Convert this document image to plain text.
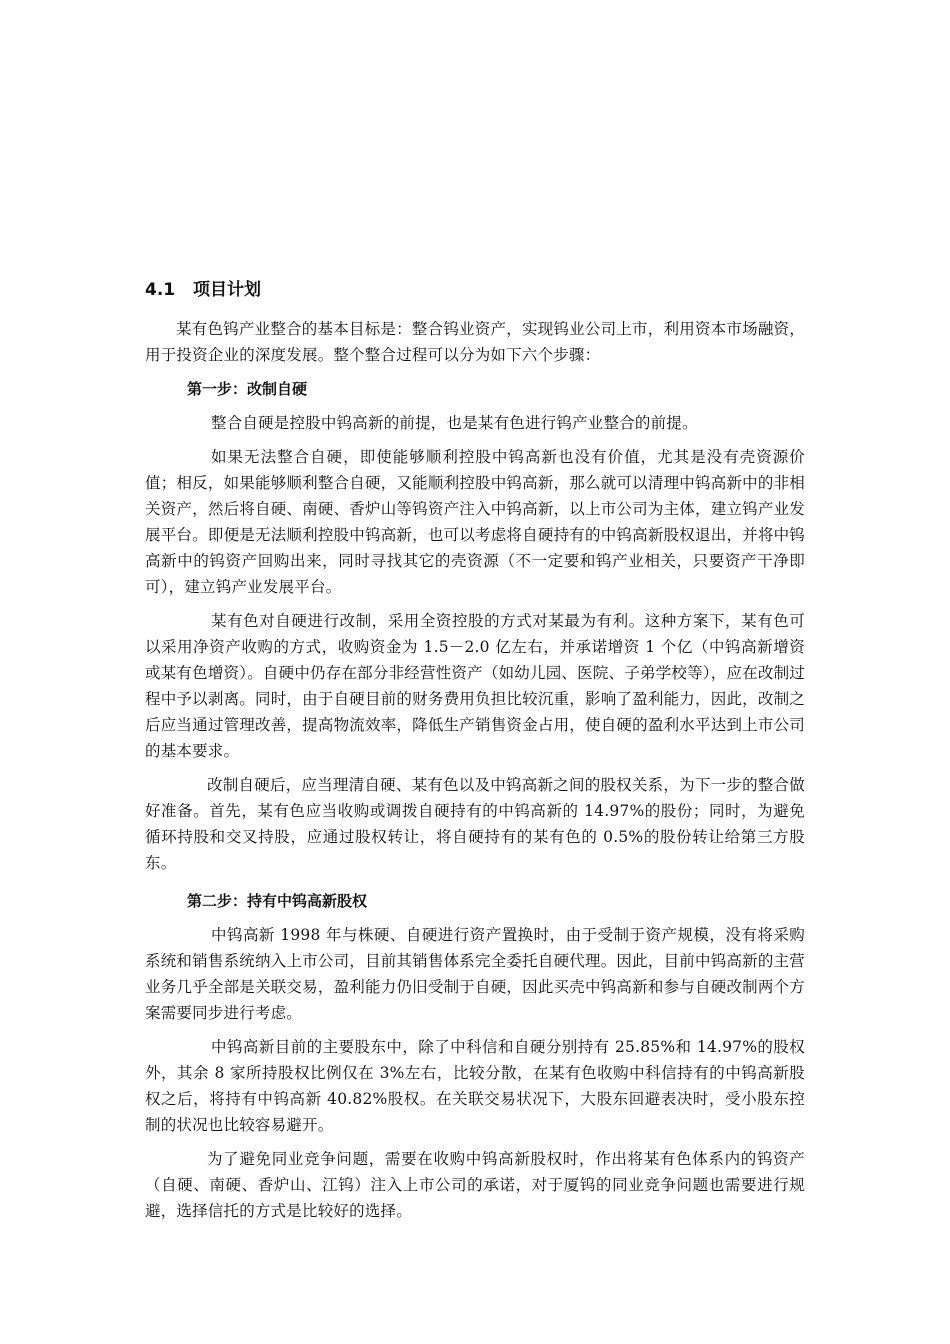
4.1 项目计划

某有色钨产业整合的基本目标是：整合钨业资产，实现钨业公司上市，利用资本市场融资，用于投资企业的深度发展。整个整合过程可以分为如下六个步骤：

第一步：改制自硬

整合自硬是控股中钨高新的前提，也是某有色进行钨产业整合的前提。

如果无法整合自硬，即使能够顺利控股中钨高新也没有价值，尤其是没有壳资源价值；相反，如果能够顺利整合自硬，又能顺利控股中钨高新，那么就可以清理中钨高新中的非相关资产，然后将自硬、南硬、香炉山等钨资产注入中钨高新，以上市公司为主体，建立钨产业发展平台。即便是无法顺利控股中钨高新，也可以考虑将自硬持有的中钨高新股权退出，并将中钨高新中的钨资产回购出来，同时寻找其它的壳资源（不一定要和钨产业相关，只要资产干净即可），建立钨产业发展平台。

某有色对自硬进行改制，采用全资控股的方式对某最为有利。这种方案下，某有色可以采用净资产收购的方式，收购资金为 1.5－2.0 亿左右，并承诺增资 1 个亿（中钨高新增资或某有色增资）。自硬中仍存在部分非经营性资产（如幼儿园、医院、子弟学校等），应在改制过程中予以剥离。同时，由于自硬目前的财务费用负担比较沉重，影响了盈利能力，因此，改制之后应当通过管理改善，提高物流效率，降低生产销售资金占用，使自硬的盈利水平达到上市公司的基本要求。

改制自硬后，应当理清自硬、某有色以及中钨高新之间的股权关系，为下一步的整合做好准备。首先，某有色应当收购或调拨自硬持有的中钨高新的 14.97%的股份；同时，为避免循环持股和交叉持股，应通过股权转让，将自硬持有的某有色的 0.5%的股份转让给第三方股东。

第二步：持有中钨高新股权

中钨高新 1998 年与株硬、自硬进行资产置换时，由于受制于资产规模，没有将采购系统和销售系统纳入上市公司，目前其销售体系完全委托自硬代理。因此，目前中钨高新的主营业务几乎全部是关联交易，盈利能力仍旧受制于自硬，因此买壳中钨高新和参与自硬改制两个方案需要同步进行考虑。

中钨高新目前的主要股东中，除了中科信和自硬分别持有 25.85%和 14.97%的股权外，其余 8 家所持股权比例仅在 3%左右，比较分散，在某有色收购中科信持有的中钨高新股权之后，将持有中钨高新 40.82%股权。在关联交易状况下，大股东回避表决时，受小股东控制的状况也比较容易避开。

为了避免同业竞争问题，需要在收购中钨高新股权时，作出将某有色体系内的钨资产（自硬、南硬、香炉山、江钨）注入上市公司的承诺，对于厦钨的同业竞争问题也需要进行规避，选择信托的方式是比较好的选择。
